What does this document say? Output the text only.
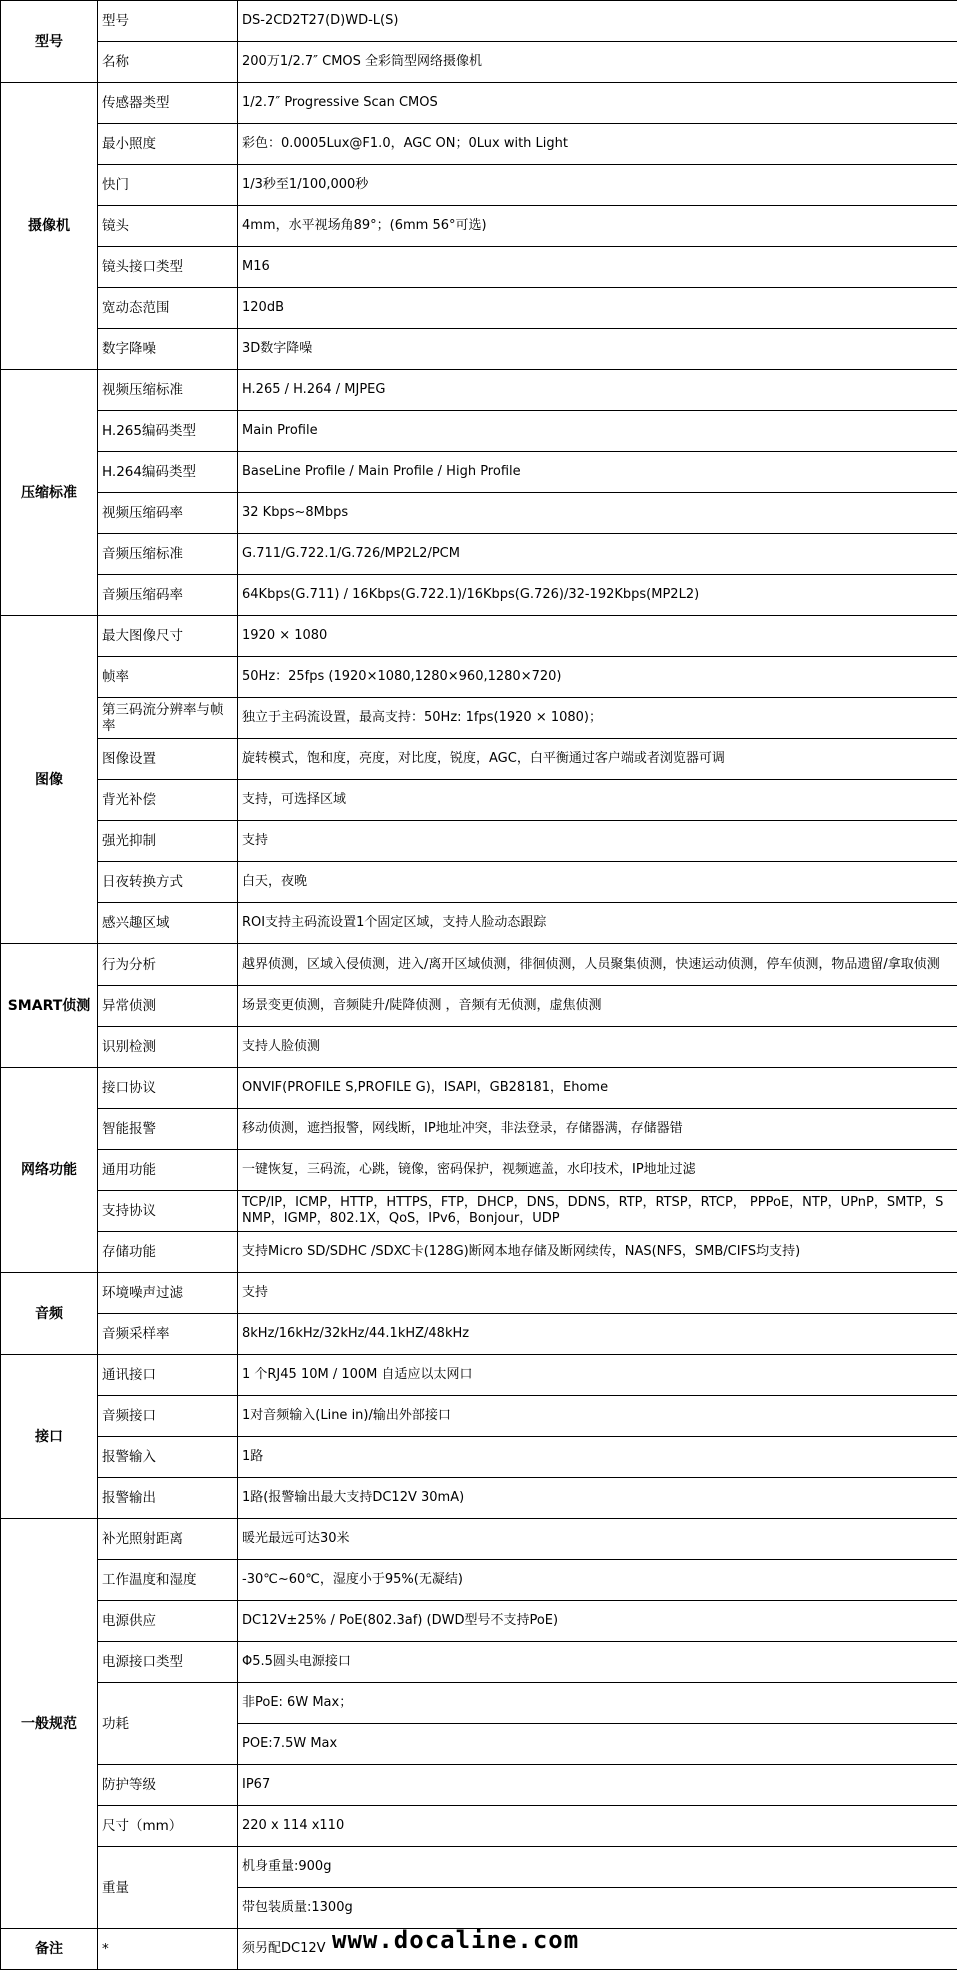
型号	型号	DS-2CD2T27(D)WD-L(S)
	名称	200万1/2.7″ CMOS 全彩筒型网络摄像机
摄像机	传感器类型	1/2.7″ Progressive Scan CMOS
	最小照度	彩色：0.0005Lux@F1.0，AGC ON；0Lux with Light
	快门	1/3秒至1/100,000秒
	镜头	4mm，水平视场角89°；(6mm 56°可选)
	镜头接口类型	M16
	宽动态范围	120dB
	数字降噪	3D数字降噪
压缩标准	视频压缩标准	H.265 / H.264 / MJPEG
	H.265编码类型	Main Profile
	H.264编码类型	BaseLine Profile / Main Profile / High Profile
	视频压缩码率	32 Kbps~8Mbps
	音频压缩标准	G.711/G.722.1/G.726/MP2L2/PCM
	音频压缩码率	64Kbps(G.711) / 16Kbps(G.722.1)/16Kbps(G.726)/32-192Kbps(MP2L2)
图像	最大图像尺寸	1920 × 1080
	帧率	50Hz：25fps (1920×1080,1280×960,1280×720)
	第三码流分辨率与帧率	独立于主码流设置，最高支持：50Hz: 1fps(1920 × 1080)；
	图像设置	旋转模式，饱和度，亮度，对比度，锐度，AGC，白平衡通过客户端或者浏览器可调
	背光补偿	支持，可选择区域
	强光抑制	支持
	日夜转换方式	白天，夜晚
	感兴趣区域	ROI支持主码流设置1个固定区域，支持人脸动态跟踪
SMART侦测	行为分析	越界侦测，区域入侵侦测，进入/离开区域侦测，徘徊侦测，人员聚集侦测，快速运动侦测，停车侦测，物品遗留/拿取侦测
	异常侦测	场景变更侦测，音频陡升/陡降侦测 ，音频有无侦测，虚焦侦测
	识别检测	支持人脸侦测
网络功能	接口协议	ONVIF(PROFILE S,PROFILE G)，ISAPI，GB28181，Ehome
	智能报警	移动侦测，遮挡报警，网线断，IP地址冲突，非法登录，存储器满，存储器错
	通用功能	一键恢复，三码流，心跳，镜像，密码保护，视频遮盖，水印技术，IP地址过滤
	支持协议	TCP/IP，ICMP，HTTP，HTTPS，FTP，DHCP，DNS，DDNS，RTP，RTSP，RTCP， PPPoE，NTP，UPnP，SMTP，SNMP，IGMP，802.1X，QoS，IPv6，Bonjour，UDP
	存储功能	支持Micro SD/SDHC /SDXC卡(128G)断网本地存储及断网续传，NAS(NFS，SMB/CIFS均支持)
音频	环境噪声过滤	支持
	音频采样率	8kHz/16kHz/32kHz/44.1kHZ/48kHz
接口	通讯接口	1 个RJ45 10M / 100M 自适应以太网口
	音频接口	1对音频输入(Line in)/输出外部接口
	报警输入	1路
	报警输出	1路(报警输出最大支持DC12V 30mA)
一般规范	补光照射距离	暖光最远可达30米
	工作温度和湿度	-30℃~60℃，湿度小于95%(无凝结)
	电源供应	DC12V±25% / PoE(802.3af) (DWD型号不支持PoE)
	电源接口类型	Φ5.5圆头电源接口
	功耗	非PoE: 6W Max；
		POE:7.5W Max
	防护等级	IP67
	尺寸（mm）	220 x 114 x110
	重量	机身重量:900g
		带包装质量:1300g
备注	*	须另配DC12V www.docaline.com
